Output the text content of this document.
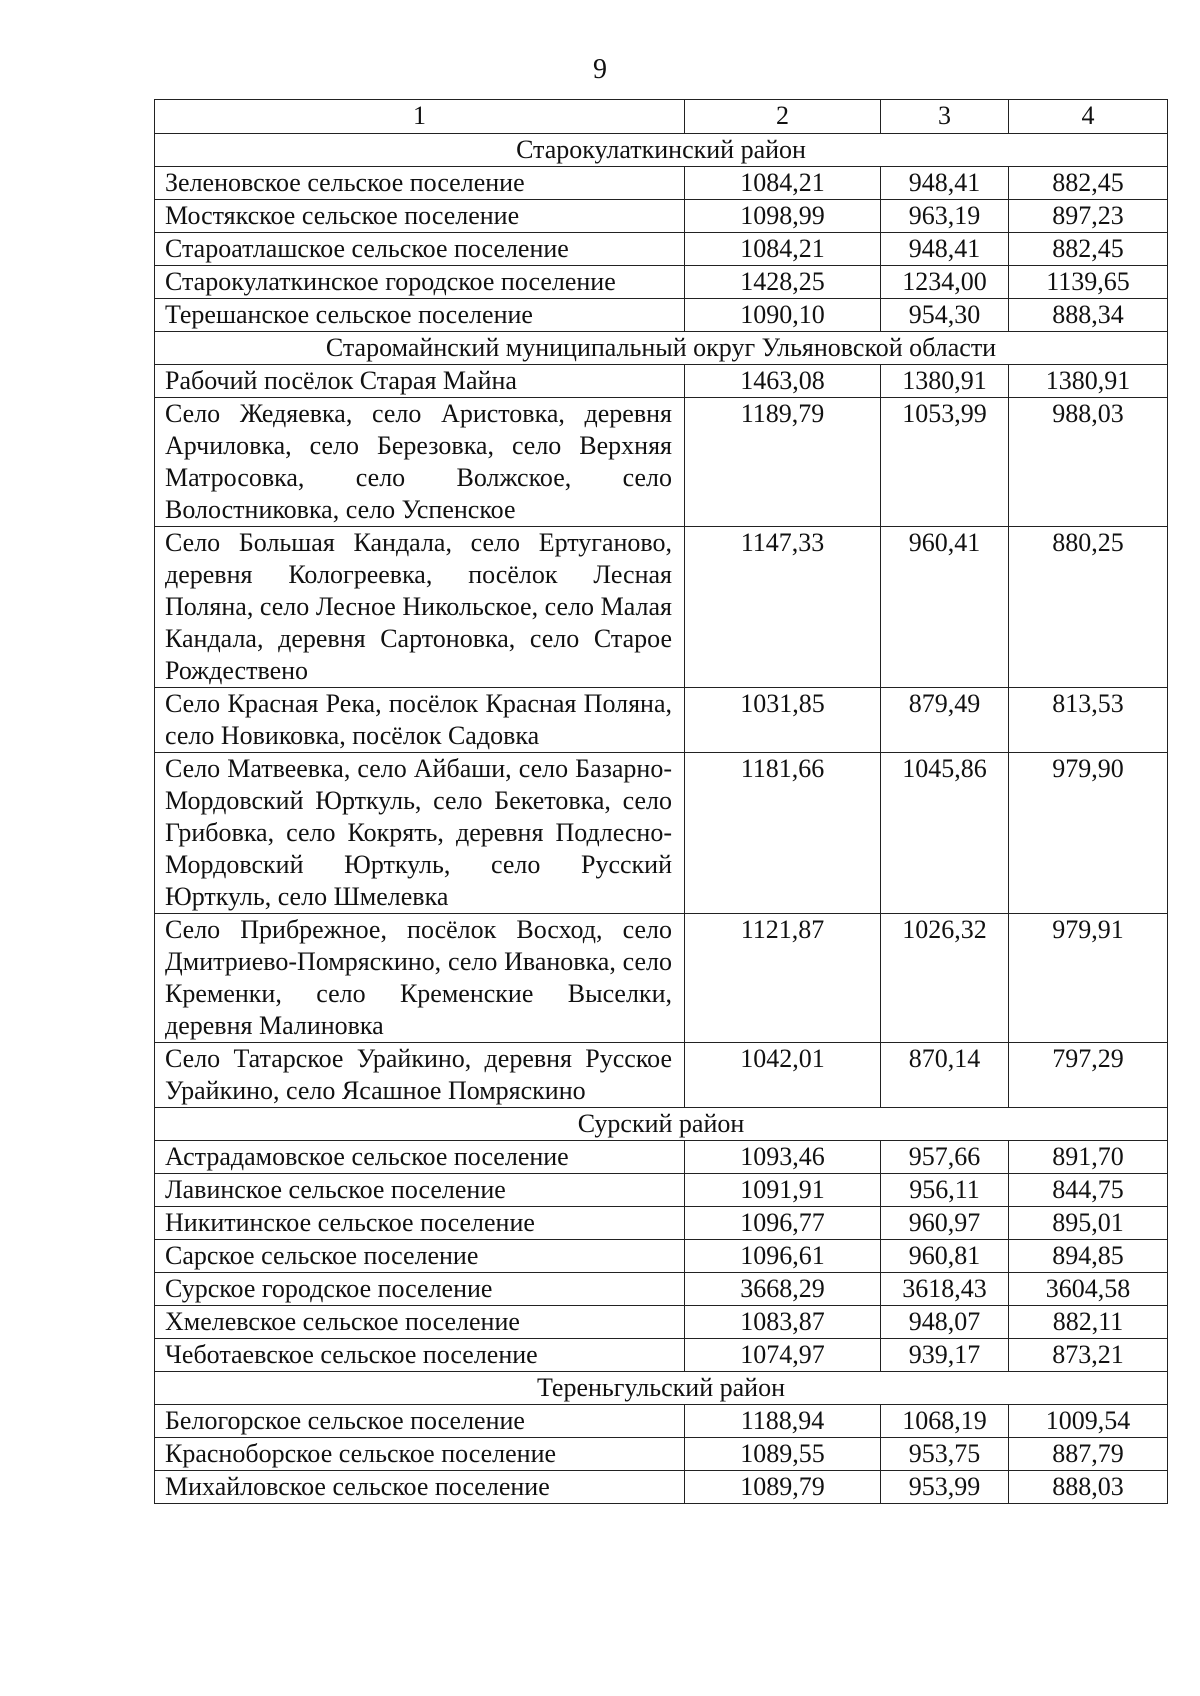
9
1	2	3	4
Старокулаткинский район			
Зеленовское сельское поселение	1084,21	948,41	882,45
Мостякское сельское поселение	1098,99	963,19	897,23
Староатлашское сельское поселение	1084,21	948,41	882,45
Старокулаткинское городское поселение	1428,25	1234,00	1139,65
Терешанское сельское поселение	1090,10	954,30	888,34
Старомайнский муниципальный округ Ульяновской области			
Рабочий посёлок Старая Майна	1463,08	1380,91	1380,91
Село Жедяевка, село Аристовка, деревня Арчиловка, село Березовка, село Верхняя Матросовка, село Волжское, село Волостниковка, село Успенское	1189,79	1053,99	988,03
Село Большая Кандала, село Ертуганово, деревня Кологреевка, посёлок Лесная Поляна, село Лесное Никольское, село Малая Кандала, деревня Сартоновка, село Старое Рождествено	1147,33	960,41	880,25
Село Красная Река, посёлок Красная Поляна, село Новиковка, посёлок Садовка	1031,85	879,49	813,53
Село Матвеевка, село Айбаши, село Базарно-Мордовский Юрткуль, село Бекетовка, село Грибовка, село Кокрять, деревня Подлесно-Мордовский Юрткуль, село Русский Юрткуль, село Шмелевка	1181,66	1045,86	979,90
Село Прибрежное, посёлок Восход, село Дмитриево-Помряскино, село Ивановка, село Кременки, село Кременские Выселки, деревня Малиновка	1121,87	1026,32	979,91
Село Татарское Урайкино, деревня Русское Урайкино, село Ясашное Помряскино	1042,01	870,14	797,29
Сурский район			
Астрадамовское сельское поселение	1093,46	957,66	891,70
Лавинское сельское поселение	1091,91	956,11	844,75
Никитинское сельское поселение	1096,77	960,97	895,01
Сарское сельское поселение	1096,61	960,81	894,85
Сурское городское поселение	3668,29	3618,43	3604,58
Хмелевское сельское поселение	1083,87	948,07	882,11
Чеботаевское сельское поселение	1074,97	939,17	873,21
Тереньгульский район			
Белогорское сельское поселение	1188,94	1068,19	1009,54
Красноборское сельское поселение	1089,55	953,75	887,79
Михайловское сельское поселение	1089,79	953,99	888,03
